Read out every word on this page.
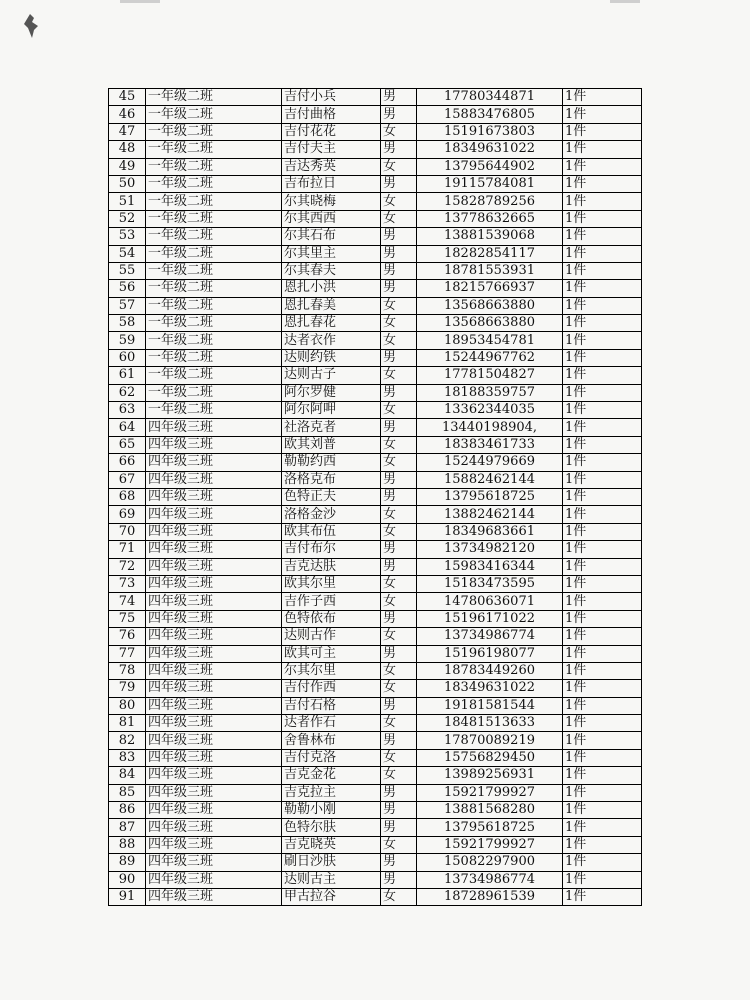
45	一年级二班	吉付小兵	男	17780344871	1件
46	一年级二班	吉付曲格	男	15883476805	1件
47	一年级二班	吉付花花	女	15191673803	1件
48	一年级二班	吉付夫主	男	18349631022	1件
49	一年级二班	吉达秀英	女	13795644902	1件
50	一年级二班	吉布拉日	男	19115784081	1件
51	一年级二班	尔其晓梅	女	15828789256	1件
52	一年级二班	尔其西西	女	13778632665	1件
53	一年级二班	尔其石布	男	13881539068	1件
54	一年级二班	尔其里主	男	18282854117	1件
55	一年级二班	尔其春夫	男	18781553931	1件
56	一年级二班	恩扎小洪	男	18215766937	1件
57	一年级二班	恩扎春美	女	13568663880	1件
58	一年级二班	恩扎春花	女	13568663880	1件
59	一年级二班	达者衣作	女	18953454781	1件
60	一年级二班	达则约铁	男	15244967762	1件
61	一年级二班	达则古子	女	17781504827	1件
62	一年级二班	阿尔罗健	男	18188359757	1件
63	一年级二班	阿尔阿呷	女	13362344035	1件
64	四年级三班	社洛克者	男	13440198904,	1件
65	四年级三班	欧其刘普	女	18383461733	1件
66	四年级三班	勒勒约西	女	15244979669	1件
67	四年级三班	洛格克布	男	15882462144	1件
68	四年级三班	色特正夫	男	13795618725	1件
69	四年级三班	洛格金沙	女	13882462144	1件
70	四年级三班	欧其布伍	女	18349683661	1件
71	四年级三班	吉付布尔	男	13734982120	1件
72	四年级三班	吉克达肤	男	15983416344	1件
73	四年级三班	欧其尔里	女	15183473595	1件
74	四年级三班	吉作子西	女	14780636071	1件
75	四年级三班	色特依布	男	15196171022	1件
76	四年级三班	达则古作	女	13734986774	1件
77	四年级三班	欧其可主	男	15196198077	1件
78	四年级三班	尔其尔里	女	18783449260	1件
79	四年级三班	吉付作西	女	18349631022	1件
80	四年级三班	吉付石格	男	19181581544	1件
81	四年级三班	达者作石	女	18481513633	1件
82	四年级三班	舍鲁林布	男	17870089219	1件
83	四年级三班	吉付克洛	女	15756829450	1件
84	四年级三班	吉克金花	女	13989256931	1件
85	四年级三班	吉克拉主	男	15921799927	1件
86	四年级三班	勒勒小刚	男	13881568280	1件
87	四年级三班	色特尔肤	男	13795618725	1件
88	四年级三班	吉克晓英	女	15921799927	1件
89	四年级三班	刷日沙肤	男	15082297900	1件
90	四年级三班	达则古主	男	13734986774	1件
91	四年级三班	甲古拉谷	女	18728961539	1件
